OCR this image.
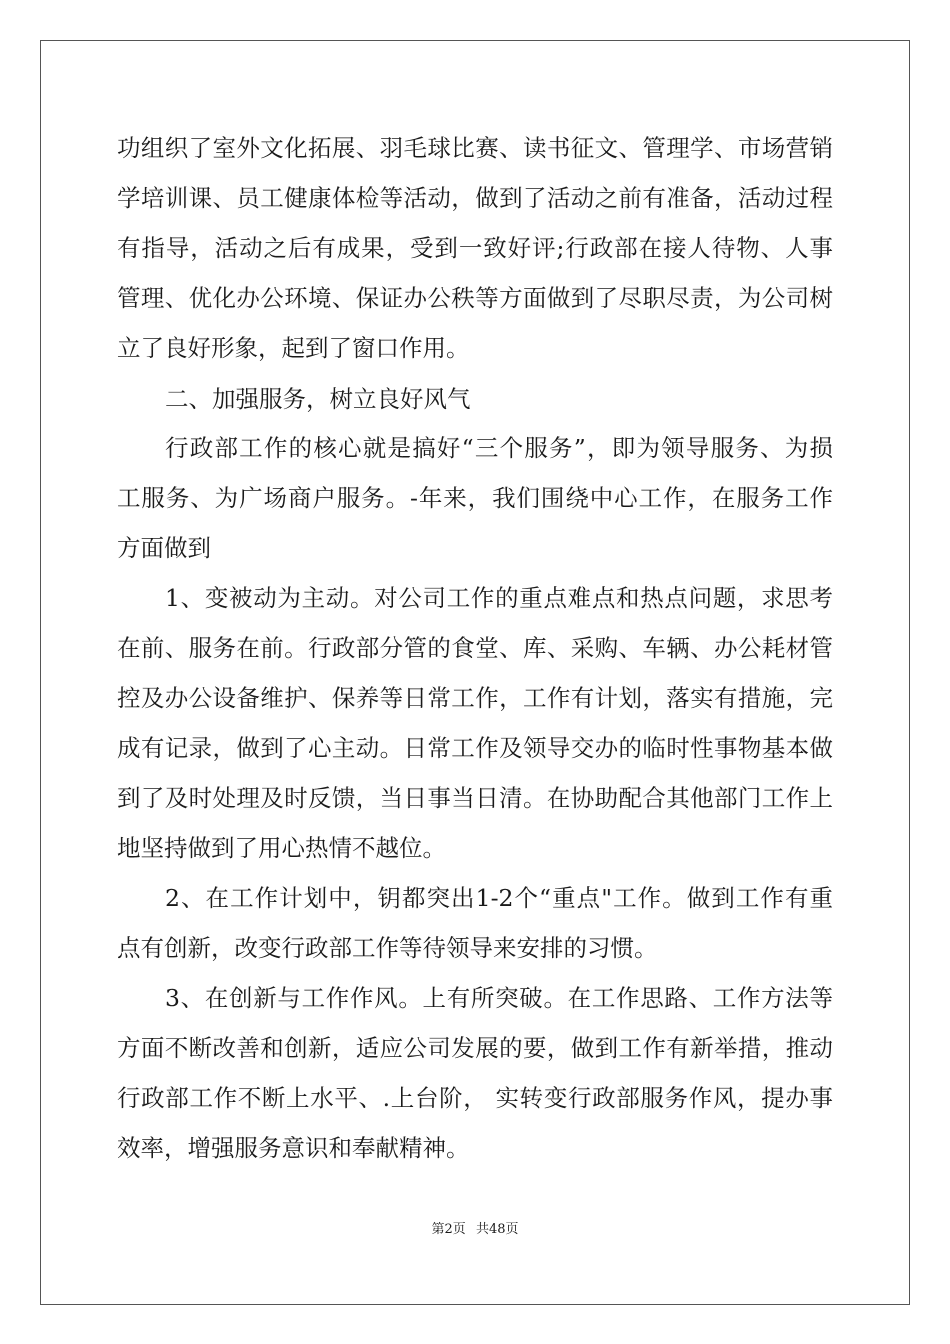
功组织了室外文化拓展、羽毛球比赛、读书征文、管理学、市场营销
学培训课、员工健康体检等活动，做到了活动之前有准备，活动过程
有指导，活动之后有成果，受到一致好评;行政部在接人待物、人事
管理、优化办公环境、保证办公秩等方面做到了尽职尽责，为公司树
立了良好形象，起到了窗口作用。
二、加强服务，树立良好风气
行政部工作的核心就是搞好“三个服务”，即为领导服务、为损
工服务、为广场商户服务。-年来，我们围绕中心工作，在服务工作
方面做到
1、变被动为主动。对公司工作的重点难点和热点问题，求思考
在前、服务在前。行政部分管的食堂、库、采购、车辆、办公耗材管
控及办公设备维护、保养等日常工作，工作有计划，落实有措施，完
成有记录，做到了心主动。日常工作及领导交办的临时性事物基本做
到了及时处理及时反馈，当日事当日清。在协助配合其他部门工作上
地坚持做到了用心热情不越位。
2、在工作计划中，钥都突出1-2个“重点"工作。做到工作有重
点有创新，改变行政部工作等待领导来安排的习惯。
3、在创新与工作作风。上有所突破。在工作思路、工作方法等
方面不断改善和创新，适应公司发展的要，做到工作有新举措，推动
行政部工作不断上水平、.上台阶， 实转变行政部服务作风，提办事
效率，增强服务意识和奉献精神。
第2页 共48页
